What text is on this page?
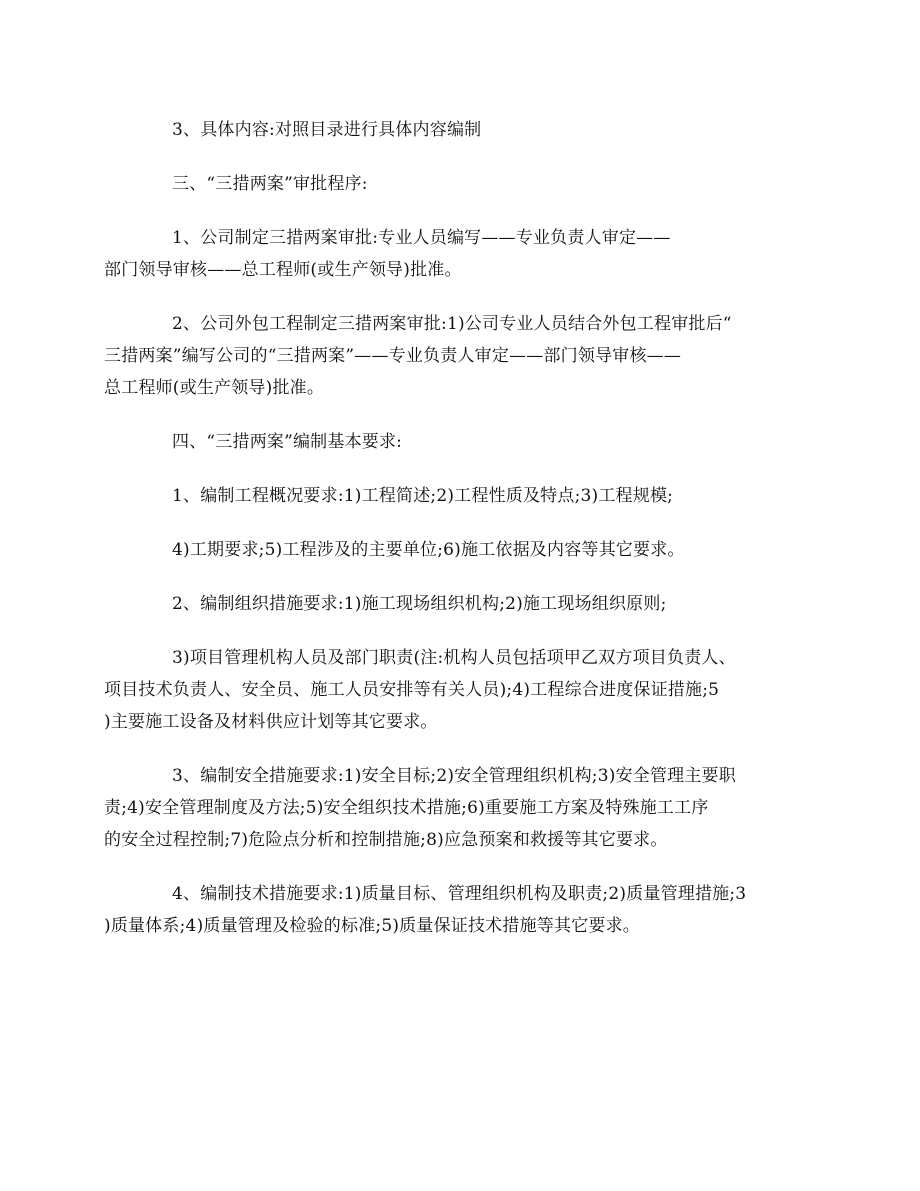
3、具体内容:对照目录进行具体内容编制

三、“三措两案”审批程序:

1、公司制定三措两案审批:专业人员编写——专业负责人审定——
部门领导审核——总工程师(或生产领导)批准。

2、公司外包工程制定三措两案审批:1)公司专业人员结合外包工程审批后“
三措两案”编写公司的“三措两案”——专业负责人审定——部门领导审核——
总工程师(或生产领导)批准。

四、“三措两案”编制基本要求:

1、编制工程概况要求:1)工程简述;2)工程性质及特点;3)工程规模;

4)工期要求;5)工程涉及的主要单位;6)施工依据及内容等其它要求。

2、编制组织措施要求:1)施工现场组织机构;2)施工现场组织原则;

3)项目管理机构人员及部门职责(注:机构人员包括项甲乙双方项目负责人、
项目技术负责人、安全员、施工人员安排等有关人员);4)工程综合进度保证措施;5
)主要施工设备及材料供应计划等其它要求。

3、编制安全措施要求:1)安全目标;2)安全管理组织机构;3)安全管理主要职
责;4)安全管理制度及方法;5)安全组织技术措施;6)重要施工方案及特殊施工工序
的安全过程控制;7)危险点分析和控制措施;8)应急预案和救援等其它要求。

4、编制技术措施要求:1)质量目标、管理组织机构及职责;2)质量管理措施;3
)质量体系;4)质量管理及检验的标准;5)质量保证技术措施等其它要求。
